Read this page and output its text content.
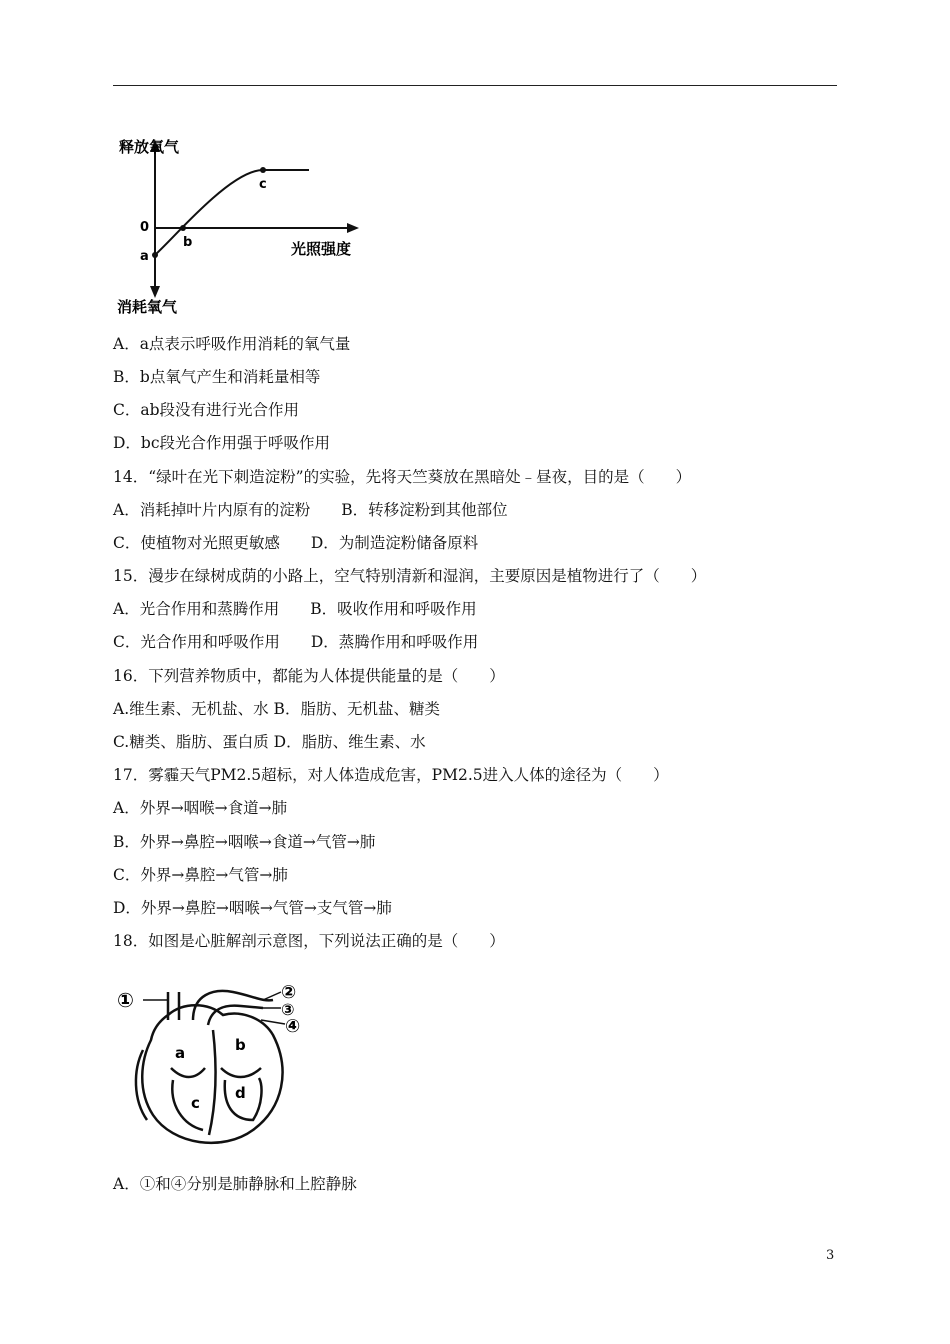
释放氧气
消耗氧气
光照强度
0
a
b
c
A．a点表示呼吸作用消耗的氧气量
B．b点氧气产生和消耗量相等
C．ab段没有进行光合作用
D．bc段光合作用强于呼吸作用
14．“绿叶在光下刺造淀粉”的实验，先将天竺葵放在黑暗处﹣昼夜，目的是（　　）
A．消耗掉叶片内原有的淀粉　　B．转移淀粉到其他部位
C．使植物对光照更敏感　　D．为制造淀粉储备原料
15．漫步在绿树成荫的小路上，空气特别清新和湿润，主要原因是植物进行了（　　）
A．光合作用和蒸腾作用　　B．吸收作用和呼吸作用
C．光合作用和呼吸作用　　D．蒸腾作用和呼吸作用
16．下列营养物质中，都能为人体提供能量的是（　　）
A.维生素、无机盐、水 B．脂肪、无机盐、糖类
C.糖类、脂肪、蛋白质 D．脂肪、维生素、水
17．雾霾天气PM2.5超标，对人体造成危害，PM2.5进入人体的途径为（　　）
A．外界→咽喉→食道→肺
B．外界→鼻腔→咽喉→食道→气管→肺
C．外界→鼻腔→气管→肺
D．外界→鼻腔→咽喉→气管→支气管→肺
18．如图是心脏解剖示意图，下列说法正确的是（　　）
①	②
③
④
a	b
c
d
A．①和④分别是肺静脉和上腔静脉
3
